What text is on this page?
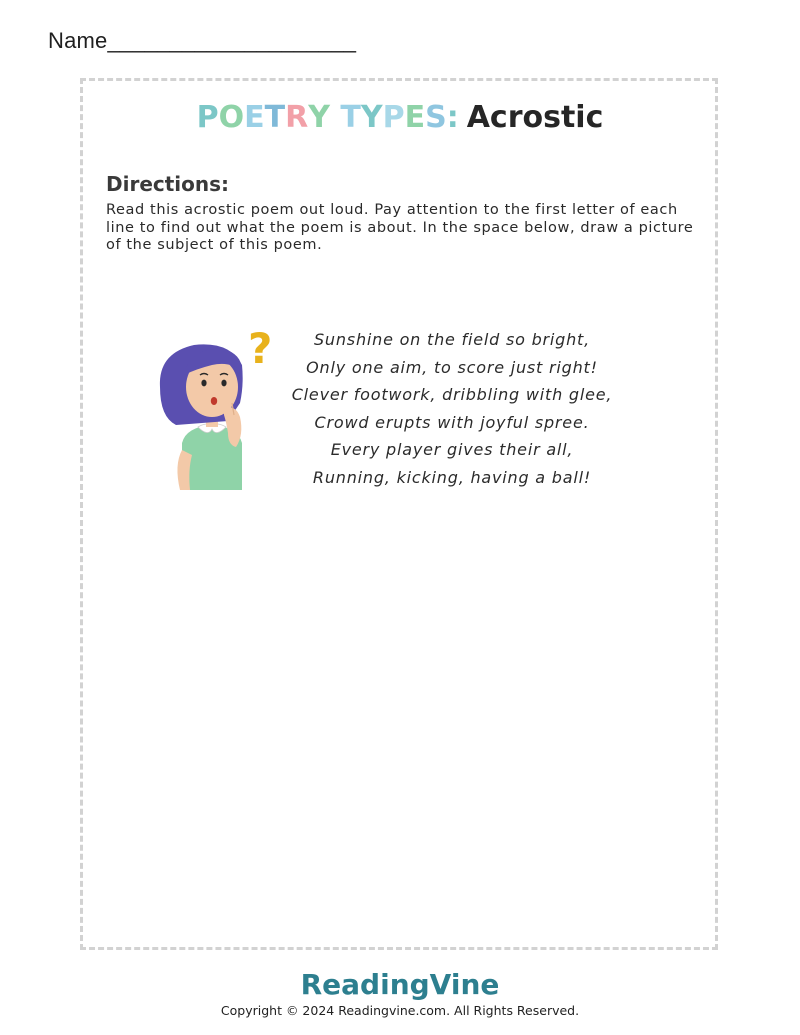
Name____________________
POETRY TYPES: Acrostic
Directions:
Read this acrostic poem out loud. Pay attention to the first letter of each line to find out what the poem is about. In the space below, draw a picture of the subject of this poem.
?	Sunshine on the field so bright,
Only one aim, to score just right!
Clever footwork, dribbling with glee,
Crowd erupts with joyful spree.
Every player gives their all,
Running, kicking, having a ball!
ReadingVine
Copyright © 2024 Readingvine.com. All Rights Reserved.
